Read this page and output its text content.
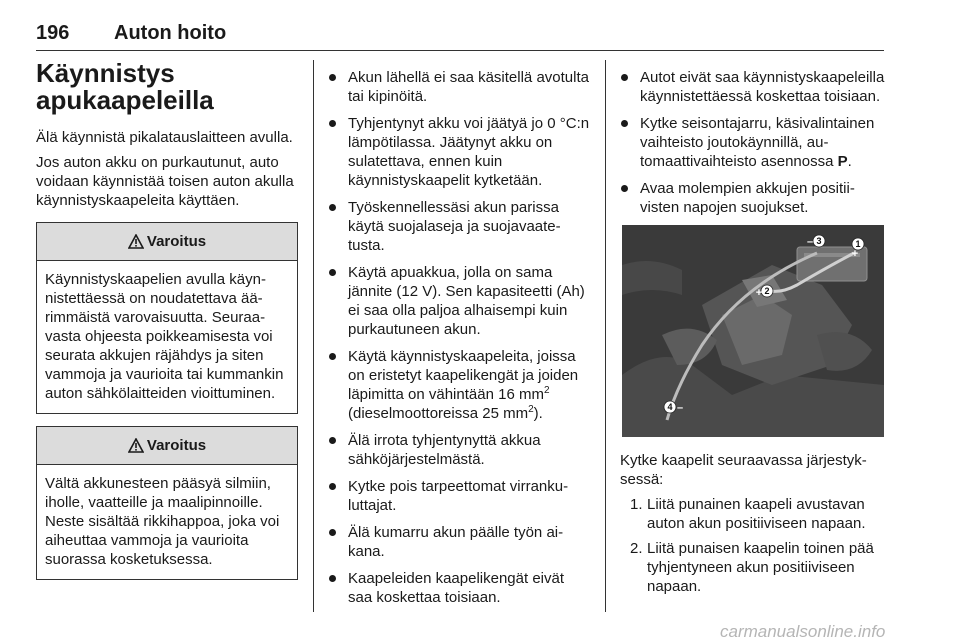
196 Auton hoito
Käynnistys
apukaapeleilla

Älä käynnistä pikalatauslaitteen avulla.

Jos auton akku on purkautunut, auto voidaan käynnistää toisen auton akulla käynnistyskaapeleita käyttäen.

Varoitus
Käynnistyskaapelien avulla käynnistettäessä on noudatettava äärimmäistä varovaisuutta. Seuraavasta ohjeesta poikkeamisesta voi seurata akkujen räjähdys ja siten vammoja ja vaurioita tai kummankin auton sähkölaitteiden vioittuminen.
Varoitus
Vältä akkunesteen pääsyä silmiin, iholle, vaatteille ja maalipinnoille. Neste sisältää rikkihappoa, joka voi aiheuttaa vammoja ja vaurioita suorassa kosketuksessa.
Akun lähellä ei saa käsitellä avotulta tai kipinöitä.
Tyhjentynyt akku voi jäätyä jo 0 °C:n lämpötilassa. Jäätynyt akku on sulatettava, ennen kuin käynnistyskaapelit kytketään.
Työskennellessäsi akun parissa käytä suojalaseja ja suojavaatetusta.
Käytä apuakkua, jolla on sama jännite (12 V). Sen kapasiteetti (Ah) ei saa olla paljoa alhaisempi kuin purkautuneen akun.
Käytä käynnistyskaapeleita, joissa on eristetyt kaapelikengät ja joiden läpimitta on vähintään 16 $mm^2$ (dieselmoottoreissa 25 $mm^2$).
Älä irrota tyhjentynyttä akkua sähköjärjestelmästä.
Kytke pois tarpeettomat virrankuluttajat.
Älä kumarru akun päälle työn aikana.
Kaapeleiden kaapelikengät eivät saa koskettaa toisiaan.
Autot eivät saa käynnistyskaapeleilla käynnistettäessä koskettaa toisiaan.
Kytke seisontajarru, käsivalintainen vaihteisto joutokäynnillä, automaattivaihteisto asennossa P.
Avaa molempien akkujen positiivisten napojen suojukset.
3	1
2
4
–
+
+
–

Kytke kaapelit seuraavassa järjestyksessä:

1. Liitä punainen kaapeli avustavan auton akun positiiviseen napaan.
2. Liitä punaisen kaapelin toinen pää tyhjentyneen akun positiiviseen napaan.
carmanualsonline.info
